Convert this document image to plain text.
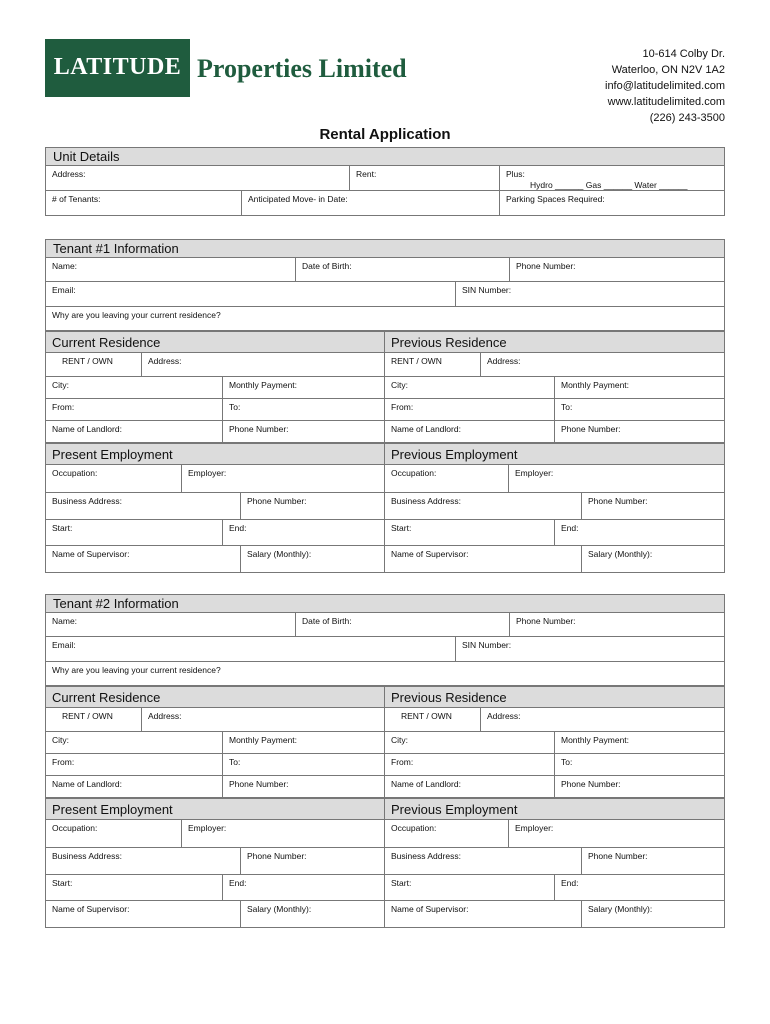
LATITUDE Properties Limited	10-614 Colby Dr.
Waterloo, ON N2V 1A2
info@latitudelimited.com
www.latitudelimited.com
(226) 243-3500
Rental Application
Unit Details
Address:	Rent:	Plus:
Hydro ______ Gas ______ Water ______
# of Tenants:	Anticipated Move- in Date:	Parking Spaces Required:
Tenant #1 Information
Name:	Date of Birth:	Phone Number:
Email:	SIN Number:
Why are you leaving your current residence?
Current Residence	Previous Residence
RENT / OWN	Address:	RENT / OWN	Address:
City:	Monthly Payment:	City:	Monthly Payment:
From:	To:	From:	To:
Name of Landlord:	Phone Number:	Name of Landlord:	Phone Number:
Present Employment	Previous Employment
Occupation:	Employer:	Occupation:	Employer:
Business Address:	Phone Number:	Business Address:	Phone Number:
Start:	End:	Start:	End:
Name of Supervisor:	Salary (Monthly):	Name of Supervisor:	Salary (Monthly):
Tenant #2 Information
Name:	Date of Birth:	Phone Number:
Email:	SIN Number:
Why are you leaving your current residence?
Current Residence	Previous Residence
RENT / OWN	Address:	RENT / OWN	Address:
City:	Monthly Payment:	City:	Monthly Payment:
From:	To:	From:	To:
Name of Landlord:	Phone Number:	Name of Landlord:	Phone Number:
Present Employment	Previous Employment
Occupation:	Employer:	Occupation:	Employer:
Business Address:	Phone Number:	Business Address:	Phone Number:
Start:	End:	Start:	End:
Name of Supervisor:	Salary (Monthly):	Name of Supervisor:	Salary (Monthly):
